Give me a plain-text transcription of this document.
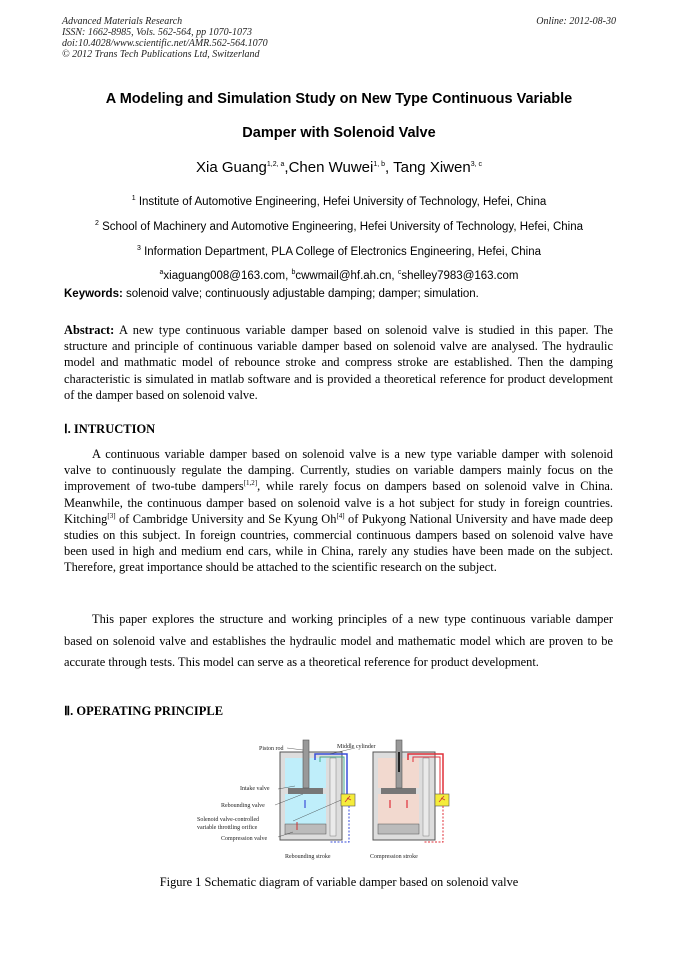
Advanced Materials Research
ISSN: 1662-8985, Vols. 562-564, pp 1070-1073
doi:10.4028/www.scientific.net/AMR.562-564.1070
© 2012 Trans Tech Publications Ltd, Switzerland
Online: 2012-08-30
A Modeling and Simulation Study on New Type Continuous Variable
Damper with Solenoid Valve
Xia Guang$^{1,2, a}$,Chen Wuwei$^{1, b}$, Tang Xiwen$^{3, c}$
$^1$ Institute of Automotive Engineering, Hefei University of Technology, Hefei, China
$^2$ School of Machinery and Automotive Engineering, Hefei University of Technology, Hefei, China
$^3$ Information Department, PLA College of Electronics Engineering, Hefei, China
$^a$xiaguang008@163.com, $^b$cwwmail@hf.ah.cn, $^c$shelley7983@163.com
Keywords: solenoid valve; continuously adjustable damping; damper; simulation.
Abstract: A new type continuous variable damper based on solenoid valve is studied in this paper. The structure and principle of continuous variable damper based on solenoid valve are analysed. The hydraulic model and mathmatic model of rebounce stroke and compress stroke are established. Then the damping characteristic is simulated in matlab software and is provided a theoretical reference for product development of the damper based on solenoid valve.
Ⅰ. INTRUCTION

A continuous variable damper based on solenoid valve is a new type variable damper with solenoid valve to continuously regulate the damping. Currently, studies on variable dampers mainly focus on the improvement of two-tube dampers[1,2], while rarely focus on dampers based on solenoid valve in China. Meanwhile, the continuous damper based on solenoid valve is a hot subject for study in foreign countries. Kitching[3] of Cambridge University and Se Kyung Oh[4] of Pukyong National University and have made deep studies on this subject. In foreign countries, commercial continuous dampers based on solenoid valve have been used in high and medium end cars, while in China, rarely any studies have been made on the subject. Therefore, great importance should be attached to the scientific research on the subject.

This paper explores the structure and working principles of a new type continuous variable damper based on solenoid valve and establishes the hydraulic model and mathematic model which are proven to be accurate through tests. This model can serve as a theoretical reference for product development.

Ⅱ. OPERATING PRINCIPLE
Piston rod	Middle cylinder
Intake valve
Rebounding valve
Solenoid valve-controlled
variable throttling orifice
Compression valve
Rebounding stroke	Compression stroke
Figure 1 Schematic diagram of variable damper based on solenoid valve
